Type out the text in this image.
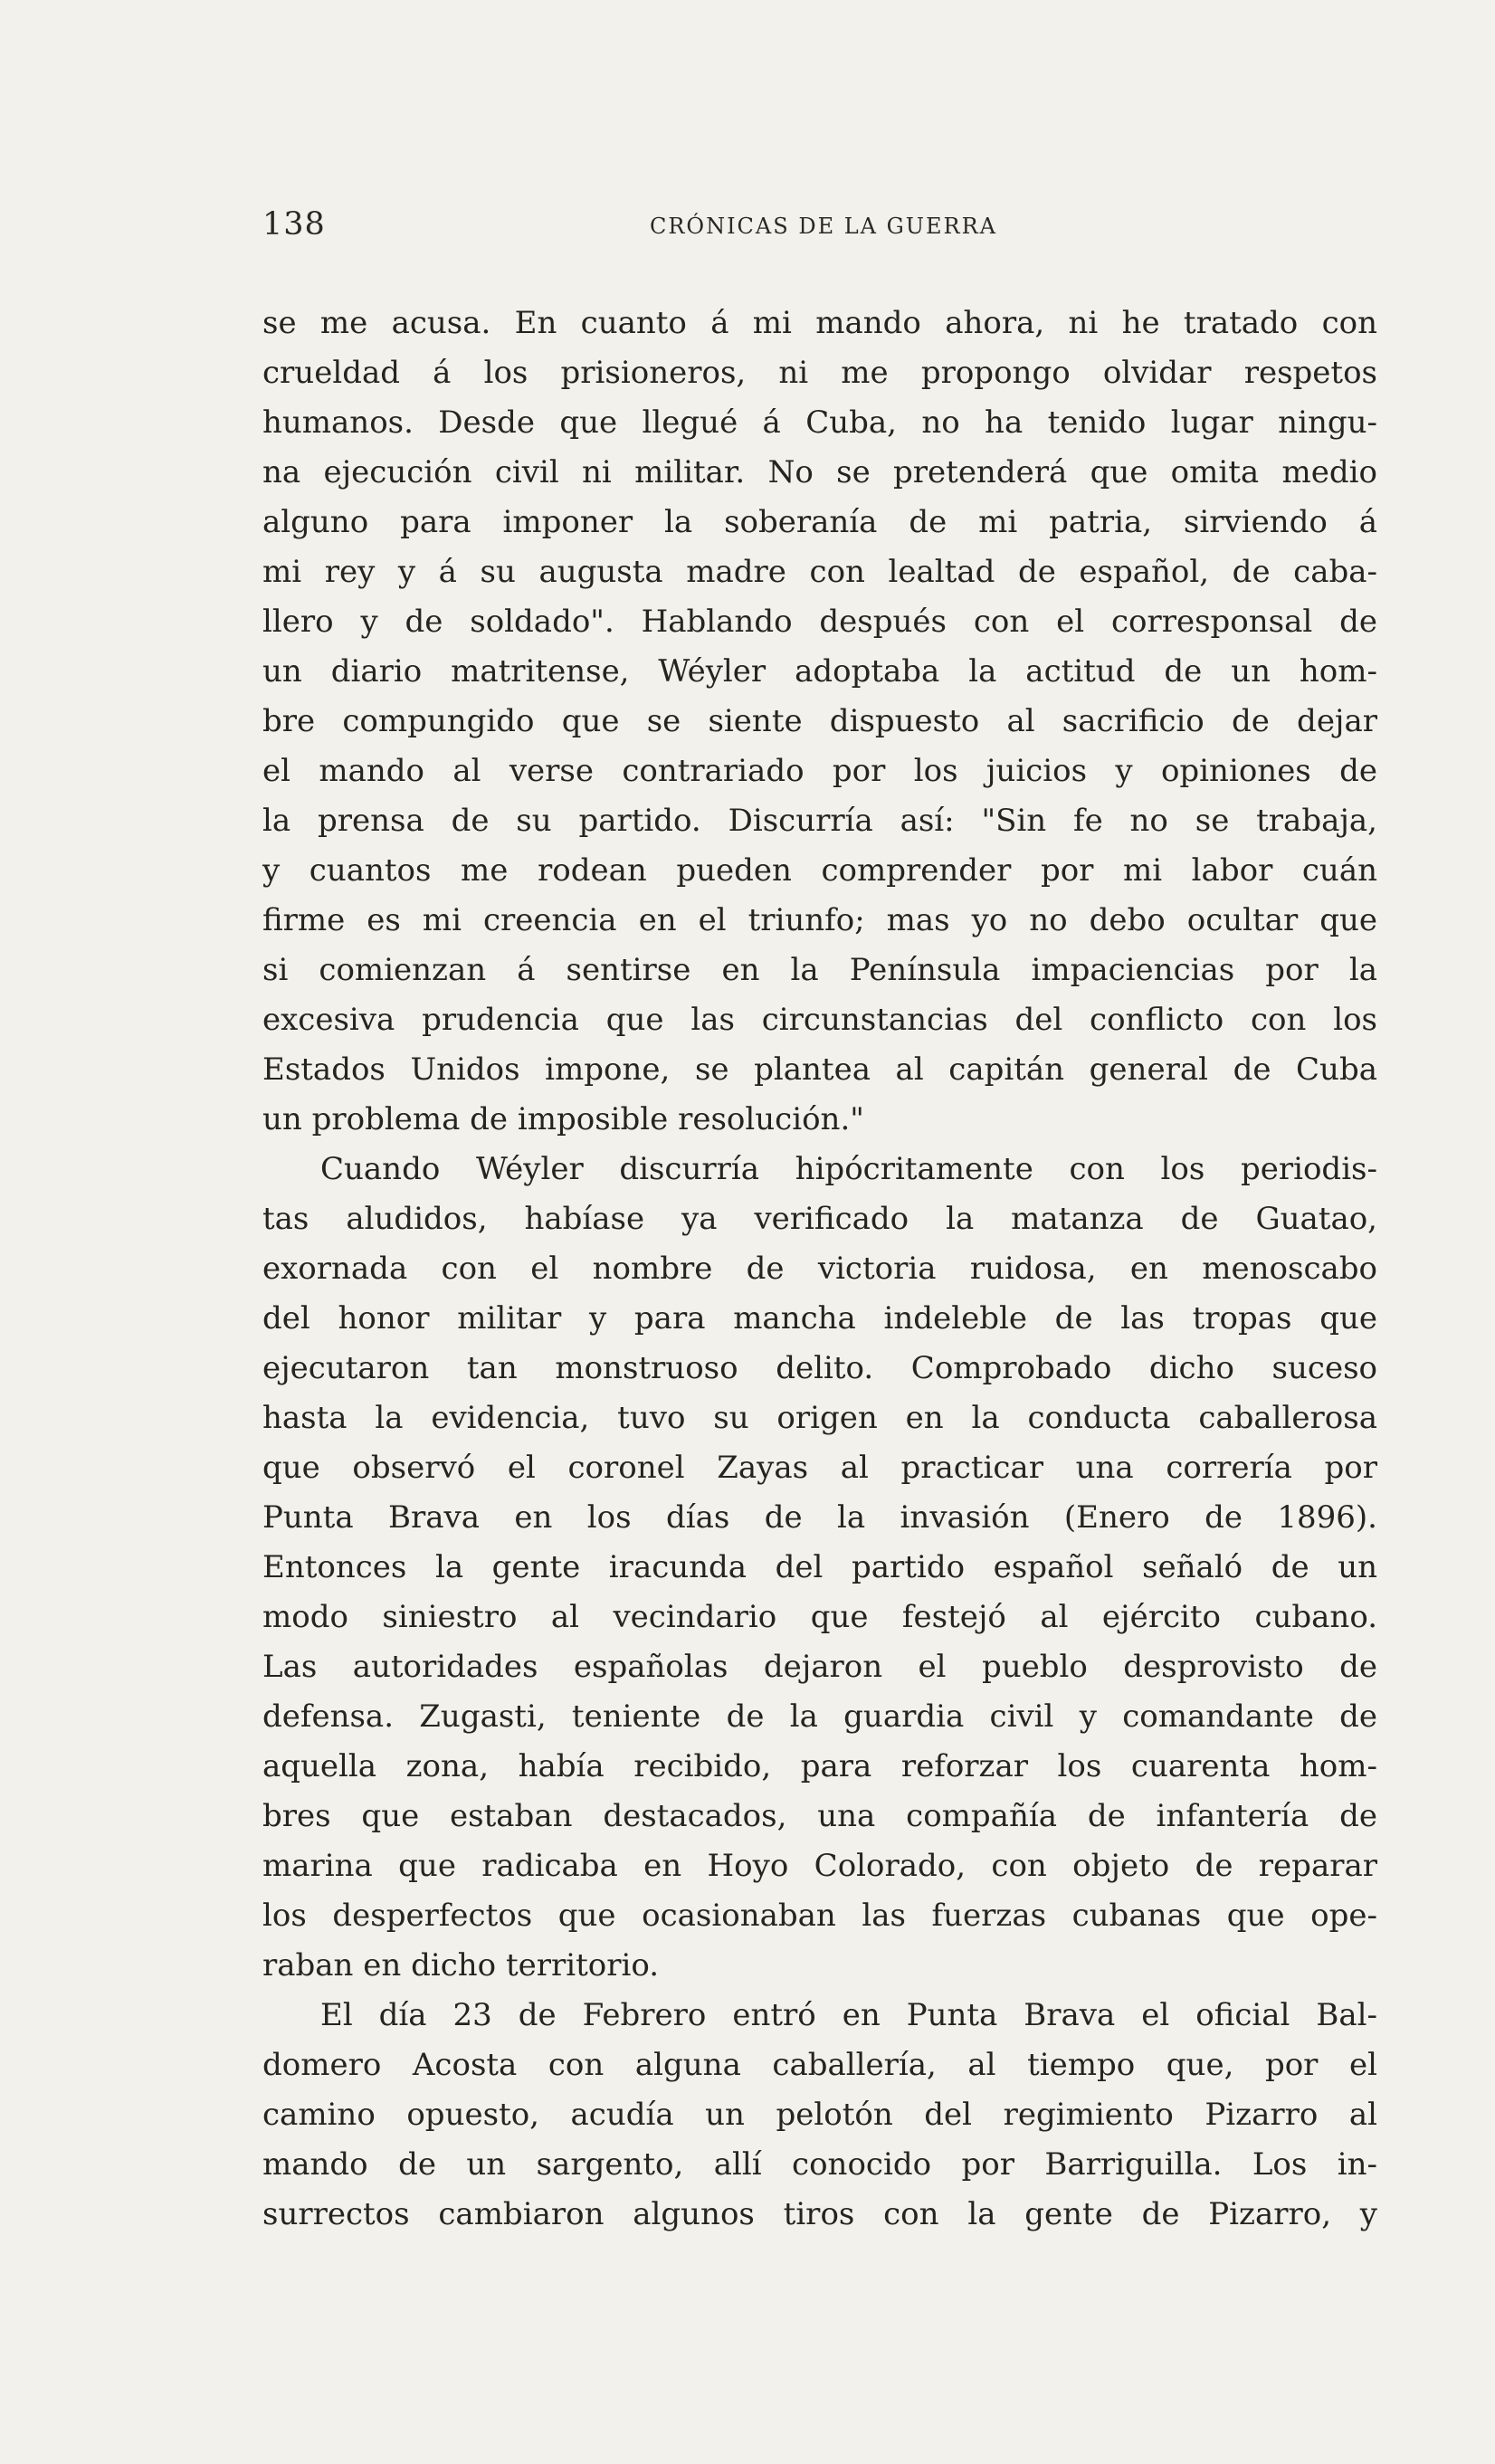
138	CRÓNICAS DE LA GUERRA
se me acusa. En cuanto á mi mando ahora, ni he tratado con
crueldad á los prisioneros, ni me propongo olvidar respetos
humanos. Desde que llegué á Cuba, no ha tenido lugar ningu-
na ejecución civil ni militar. No se pretenderá que omita medio
alguno para imponer la soberanía de mi patria, sirviendo á
mi rey y á su augusta madre con lealtad de español, de caba-
llero y de soldado". Hablando después con el corresponsal de
un diario matritense, Wéyler adoptaba la actitud de un hom-
bre compungido que se siente dispuesto al sacrificio de dejar
el mando al verse contrariado por los juicios y opiniones de
la prensa de su partido. Discurría así: "Sin fe no se trabaja,
y cuantos me rodean pueden comprender por mi labor cuán
firme es mi creencia en el triunfo; mas yo no debo ocultar que
si comienzan á sentirse en la Península impaciencias por la
excesiva prudencia que las circunstancias del conflicto con los
Estados Unidos impone, se plantea al capitán general de Cuba
un problema de imposible resolución."
Cuando Wéyler discurría hipócritamente con los periodis-
tas aludidos, habíase ya verificado la matanza de Guatao,
exornada con el nombre de victoria ruidosa, en menoscabo
del honor militar y para mancha indeleble de las tropas que
ejecutaron tan monstruoso delito. Comprobado dicho suceso
hasta la evidencia, tuvo su origen en la conducta caballerosa
que observó el coronel Zayas al practicar una correría por
Punta Brava en los días de la invasión (Enero de 1896).
Entonces la gente iracunda del partido español señaló de un
modo siniestro al vecindario que festejó al ejército cubano.
Las autoridades españolas dejaron el pueblo desprovisto de
defensa. Zugasti, teniente de la guardia civil y comandante de
aquella zona, había recibido, para reforzar los cuarenta hom-
bres que estaban destacados, una compañía de infantería de
marina que radicaba en Hoyo Colorado, con objeto de reparar
los desperfectos que ocasionaban las fuerzas cubanas que ope-
raban en dicho territorio.
El día 23 de Febrero entró en Punta Brava el oficial Bal-
domero Acosta con alguna caballería, al tiempo que, por el
camino opuesto, acudía un pelotón del regimiento Pizarro al
mando de un sargento, allí conocido por Barriguilla. Los in-
surrectos cambiaron algunos tiros con la gente de Pizarro, y
